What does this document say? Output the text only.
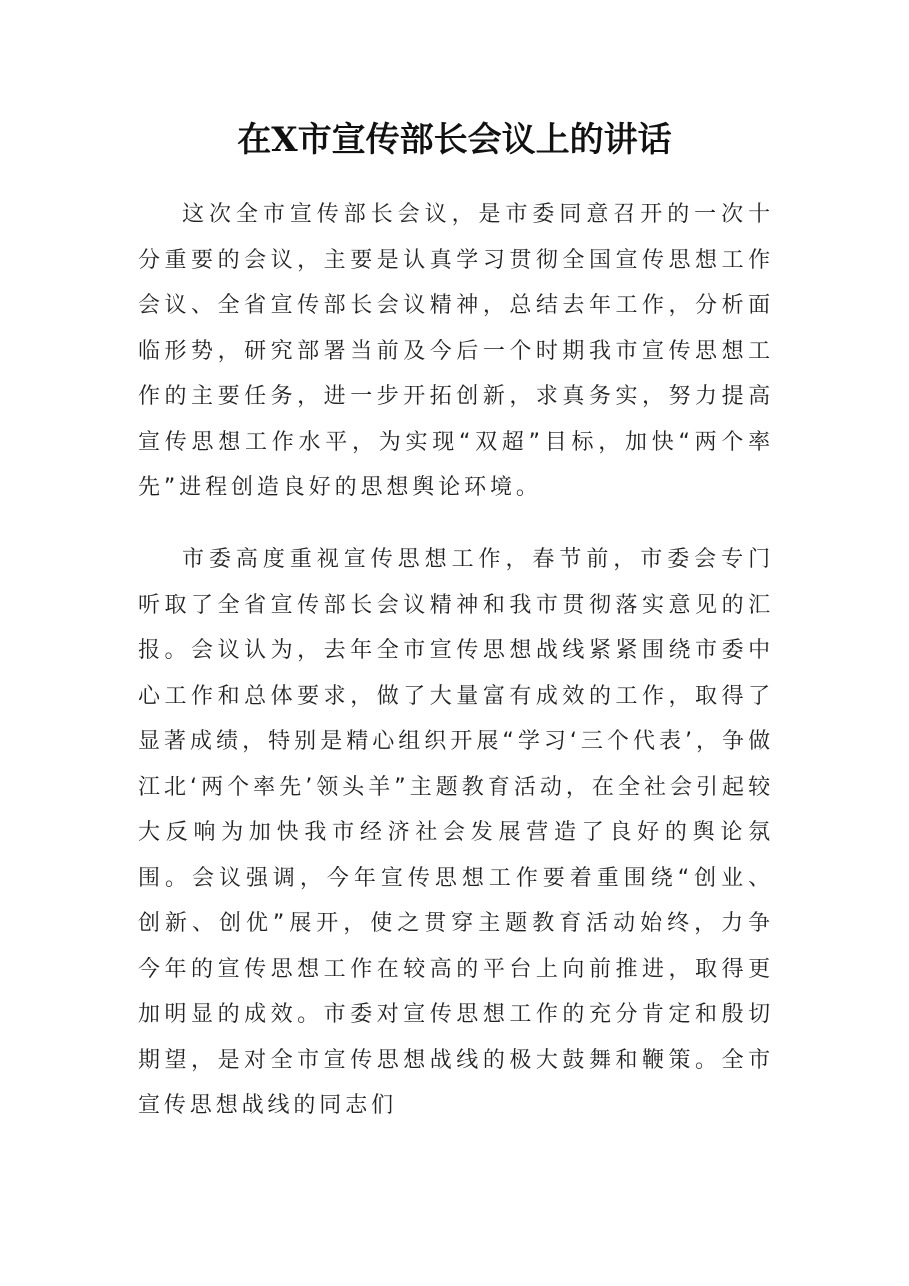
在X市宣传部长会议上的讲话

这次全市宣传部长会议，是市委同意召开的一次十分重要的会议，主要是认真学习贯彻全国宣传思想工作会议、全省宣传部长会议精神，总结去年工作，分析面临形势，研究部署当前及今后一个时期我市宣传思想工作的主要任务，进一步开拓创新，求真务实，努力提高宣传思想工作水平，为实现“双超”目标，加快“两个率先”进程创造良好的思想舆论环境。

市委高度重视宣传思想工作，春节前，市委会专门听取了全省宣传部长会议精神和我市贯彻落实意见的汇报。会议认为，去年全市宣传思想战线紧紧围绕市委中心工作和总体要求，做了大量富有成效的工作，取得了显著成绩，特别是精心组织开展“学习‘三个代表’，争做江北‘两个率先’领头羊”主题教育活动，在全社会引起较大反响为加快我市经济社会发展营造了良好的舆论氛围。会议强调，今年宣传思想工作要着重围绕“创业、创新、创优”展开，使之贯穿主题教育活动始终，力争今年的宣传思想工作在较高的平台上向前推进，取得更加明显的成效。市委对宣传思想工作的充分肯定和殷切期望，是对全市宣传思想战线的极大鼓舞和鞭策。全市宣传思想战线的同志们
